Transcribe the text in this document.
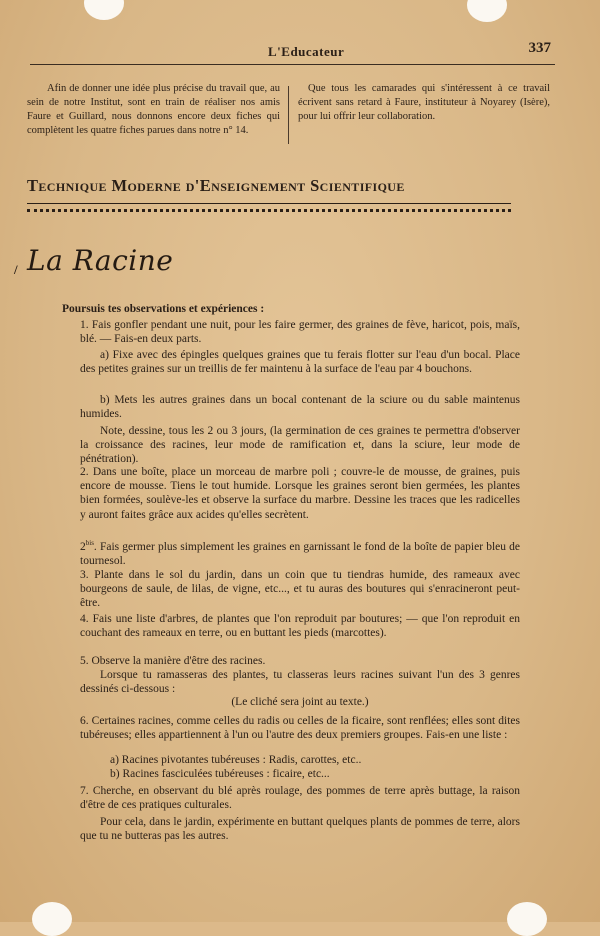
L'Educateur	337
Afin de donner une idée plus précise du travail que, au sein de notre Institut, sont en train de réaliser nos amis Faure et Guillard, nous donnons encore deux fiches qui complètent les quatre fiches parues dans notre n° 14.
Que tous les camarades qui s'intéressent à ce travail écrivent sans retard à Faure, instituteur à Noyarey (Isère), pour lui offrir leur collaboration.
Technique Moderne d'Enseignement Scientifique
La Racine
/
Poursuis tes observations et expériences :
1. Fais gonfler pendant une nuit, pour les faire germer, des graines de fève, haricot, pois, maïs, blé. — Fais-en deux parts.
a) Fixe avec des épingles quelques graines que tu ferais flotter sur l'eau d'un bocal. Place des petites graines sur un treillis de fer maintenu à la surface de l'eau par 4 bouchons.
b) Mets les autres graines dans un bocal contenant de la sciure ou du sable maintenus humides.
Note, dessine, tous les 2 ou 3 jours, (la germination de ces graines te permettra d'observer la croissance des racines, leur mode de ramification et, dans la sciure, leur mode de pénétration).
2. Dans une boîte, place un morceau de marbre poli ; couvre-le de mousse, de graines, puis encore de mousse. Tiens le tout humide. Lorsque les graines seront bien germées, les plantes bien formées, soulève-les et observe la surface du marbre. Dessine les traces que les radicelles y auront faites grâce aux acides qu'elles secrètent.
$2^{bis}$. Fais germer plus simplement les graines en garnissant le fond de la boîte de papier bleu de tournesol.
3. Plante dans le sol du jardin, dans un coin que tu tiendras humide, des rameaux avec bourgeons de saule, de lilas, de vigne, etc..., et tu auras des boutures qui s'enracineront peut-être.
4. Fais une liste d'arbres, de plantes que l'on reproduit par boutures; — que l'on reproduit en couchant des rameaux en terre, ou en buttant les pieds (marcottes).
5. Observe la manière d'être des racines.
Lorsque tu ramasseras des plantes, tu classeras leurs racines suivant l'un des 3 genres dessinés ci-dessous :
(Le cliché sera joint au texte.)
6. Certaines racines, comme celles du radis ou celles de la ficaire, sont renflées; elles sont dites tubéreuses; elles appartiennent à l'un ou l'autre des deux premiers groupes. Fais-en une liste :
a) Racines pivotantes tubéreuses : Radis, carottes, etc..
b) Racines fasciculées tubéreuses : ficaire, etc...
7. Cherche, en observant du blé après roulage, des pommes de terre après buttage, la raison d'être de ces pratiques culturales.
Pour cela, dans le jardin, expérimente en buttant quelques plants de pommes de terre, alors que tu ne butteras pas les autres.
